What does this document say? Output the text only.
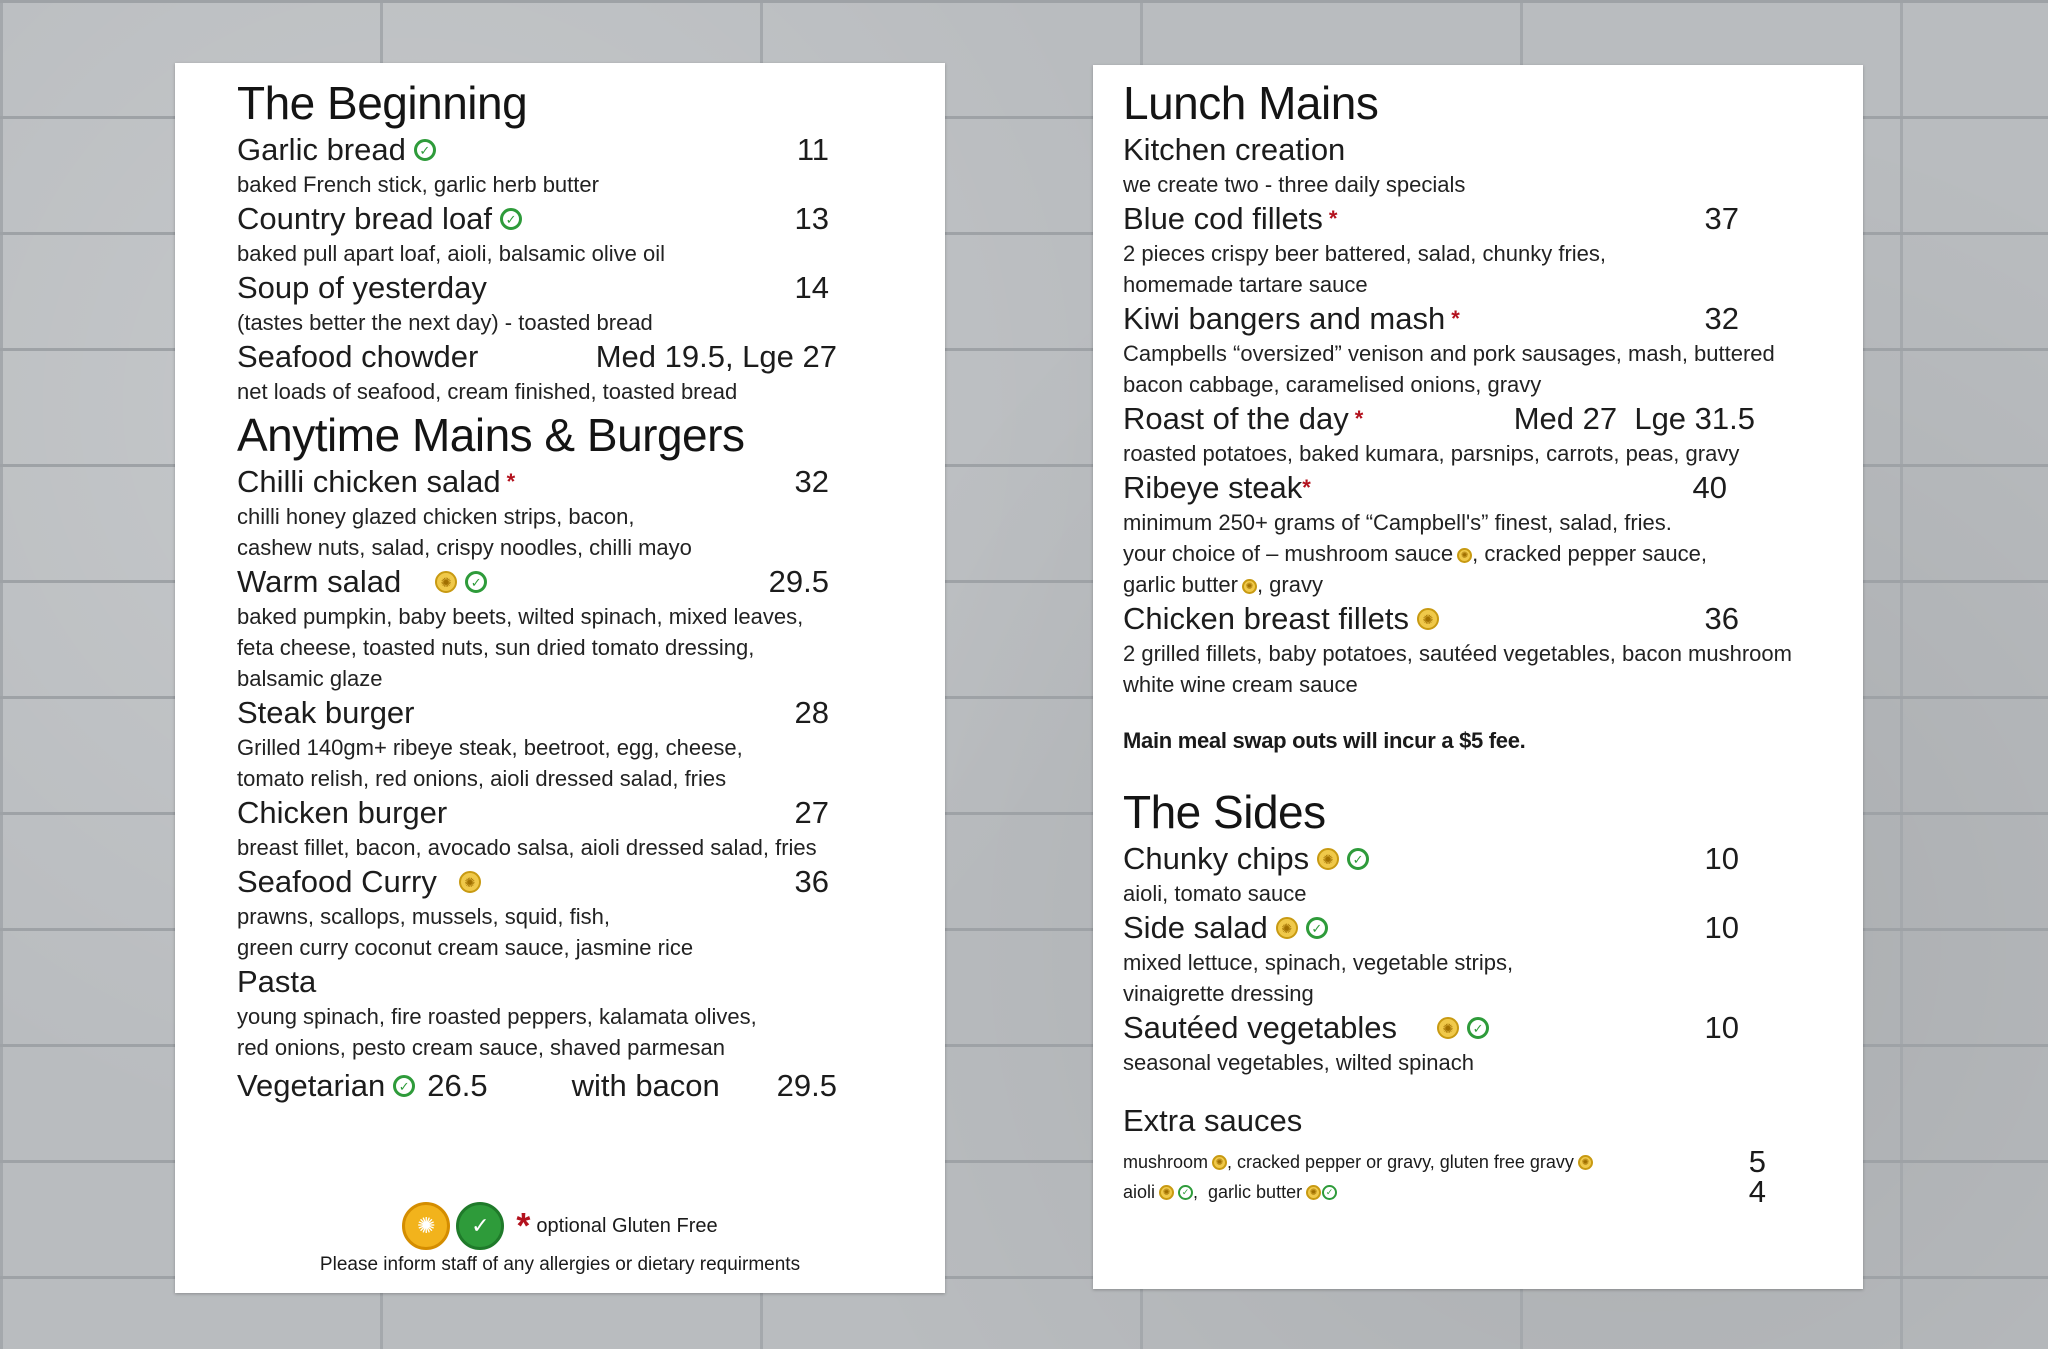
The Beginning
Garlic bread	✓	11
baked French stick, garlic herb butter
Country bread loaf	✓	13
baked pull apart loaf, aioli, balsamic olive oil
Soup of yesterday	14
(tastes better the next day) - toasted bread
Seafood chowder	Med 19.5, Lge 27
net loads of seafood, cream finished, toasted bread
Anytime Mains & Burgers
Chilli chicken salad *	32
chilli honey glazed chicken strips, bacon,
cashew nuts, salad, crispy noodles, chilli mayo
Warm salad	✺	✓	29.5
baked pumpkin, baby beets, wilted spinach, mixed leaves,
feta cheese, toasted nuts, sun dried tomato dressing,
balsamic glaze
Steak burger	28
Grilled 140gm+ ribeye steak, beetroot, egg, cheese,
tomato relish, red onions, aioli dressed salad, fries
Chicken burger	27
breast fillet, bacon, avocado salsa, aioli dressed salad, fries
Seafood Curry	✺	36
prawns, scallops, mussels, squid, fish,
green curry coconut cream sauce, jasmine rice
Pasta
young spinach, fire roasted peppers, kalamata olives,
red onions, pesto cream sauce, shaved parmesan
Vegetarian	✓ 26.5	with bacon 29.5
✺	✓ * optional Gluten Free
Please inform staff of any allergies or dietary requirments
Lunch Mains
Kitchen creation
we create two - three daily specials
Blue cod fillets *	37
2 pieces crispy beer battered, salad, chunky fries,
homemade tartare sauce
Kiwi bangers and mash *	32
Campbells “oversized” venison and pork sausages, mash, buttered
bacon cabbage, caramelised onions, gravy
Roast of the day *	Med 27  Lge 31.5
roasted potatoes, baked kumara, parsnips, carrots, peas, gravy
Ribeye steak *	40
minimum 250+ grams of “Campbell's” finest, salad, fries.
your choice of – mushroom sauce ✺ , cracked pepper sauce,
garlic butter ✺ , gravy
Chicken breast fillets	✺	36
2 grilled fillets, baby potatoes, sautéed vegetables, bacon mushroom
white wine cream sauce
Main meal swap outs will incur a $5 fee.
The Sides
Chunky chips	✺	✓	10
aioli, tomato sauce
Side salad	✺	✓	10
mixed lettuce, spinach, vegetable strips,
vinaigrette dressing
Sautéed vegetables	✺	✓	10
seasonal vegetables, wilted spinach
Extra sauces
mushroom ✺ , cracked pepper or gravy, gluten free gravy ✺	5
aioli ✺	✓ ,  garlic butter ✺ ✓	4
